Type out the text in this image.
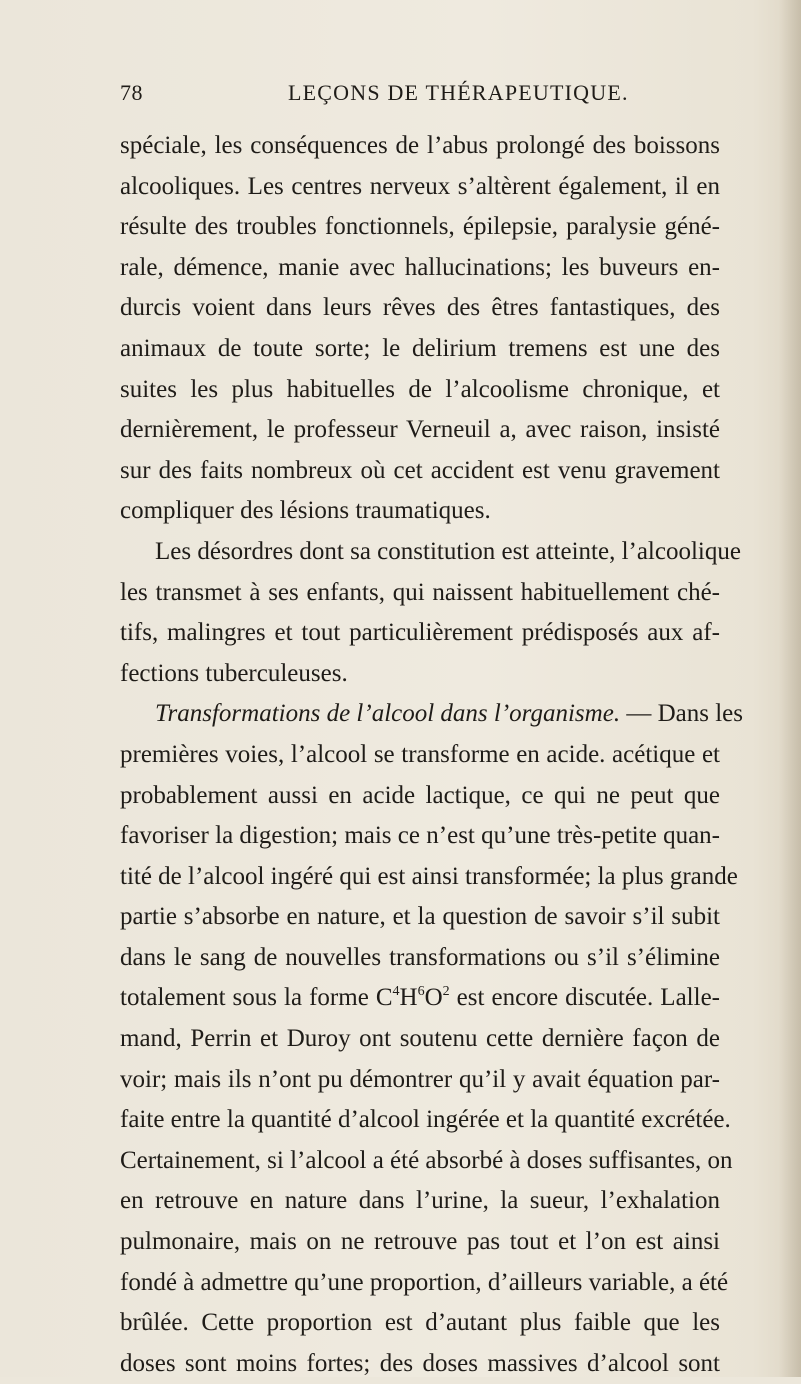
78	LEÇONS DE THÉRAPEUTIQUE.
spéciale, les conséquences de l’abus prolongé des boissons
alcooliques. Les centres nerveux s’altèrent également, il en
résulte des troubles fonctionnels, épilepsie, paralysie géné-
rale, démence, manie avec hallucinations; les buveurs en-
durcis voient dans leurs rêves des êtres fantastiques, des
animaux de toute sorte; le delirium tremens est une des
suites les plus habituelles de l’alcoolisme chronique, et
dernièrement, le professeur Verneuil a, avec raison, insisté
sur des faits nombreux où cet accident est venu gravement
compliquer des lésions traumatiques.
Les désordres dont sa constitution est atteinte, l’alcoolique
les transmet à ses enfants, qui naissent habituellement ché-
tifs, malingres et tout particulièrement prédisposés aux af-
fections tuberculeuses.
Transformations de l’alcool dans l’organisme. — Dans les
premières voies, l’alcool se transforme en acide. acétique et
probablement aussi en acide lactique, ce qui ne peut que
favoriser la digestion; mais ce n’est qu’une très-petite quan-
tité de l’alcool ingéré qui est ainsi transformée; la plus grande
partie s’absorbe en nature, et la question de savoir s’il subit
dans le sang de nouvelles transformations ou s’il s’élimine
totalement sous la forme $C^4H^6O^2$ est encore discutée. Lalle-
mand, Perrin et Duroy ont soutenu cette dernière façon de
voir; mais ils n’ont pu démontrer qu’il y avait équation par-
faite entre la quantité d’alcool ingérée et la quantité excrétée.
Certainement, si l’alcool a été absorbé à doses suffisantes, on
en retrouve en nature dans l’urine, la sueur, l’exhalation
pulmonaire, mais on ne retrouve pas tout et l’on est ainsi
fondé à admettre qu’une proportion, d’ailleurs variable, a été
brûlée. Cette proportion est d’autant plus faible que les
doses sont moins fortes; des doses massives d’alcool sont
